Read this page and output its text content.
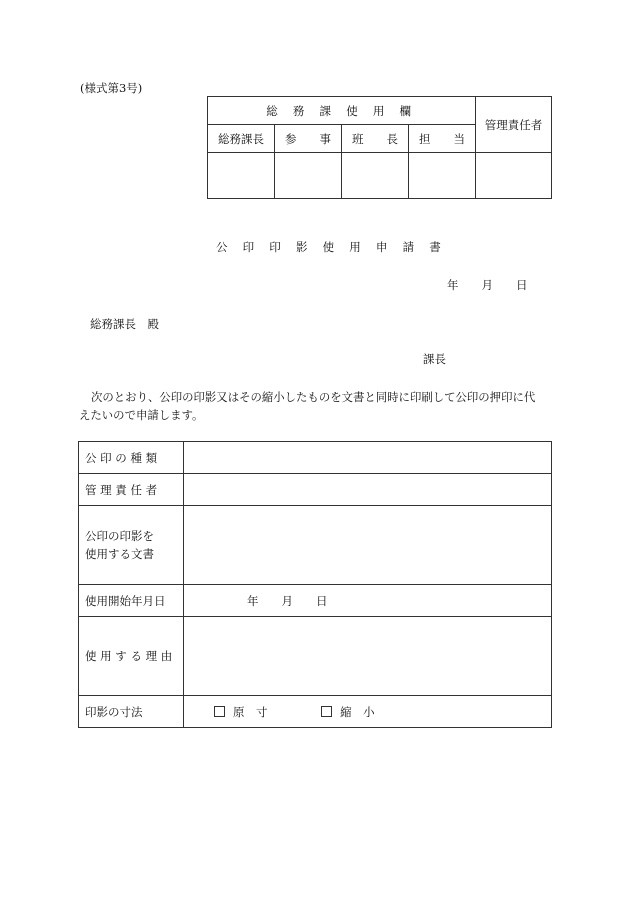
(様式第3号)
総 務 課 使 用 欄				管理責任者
総務課長	参　　事	班　　長	担　　当	

公 印 印 影 使 用 申 請 書
年　　月　　日
総務課長　殿
課長
次のとおり、公印の印影又はその縮小したものを文書と同時に印刷して公印の押印に代
えたいので申請します。
公 印 の 種 類	
管 理 責 任 者	

公印の印影を
使用する文書	

使用開始年月日	年　　月　　日
使 用 す る 理 由	
印影の寸法	原　寸 縮　小
